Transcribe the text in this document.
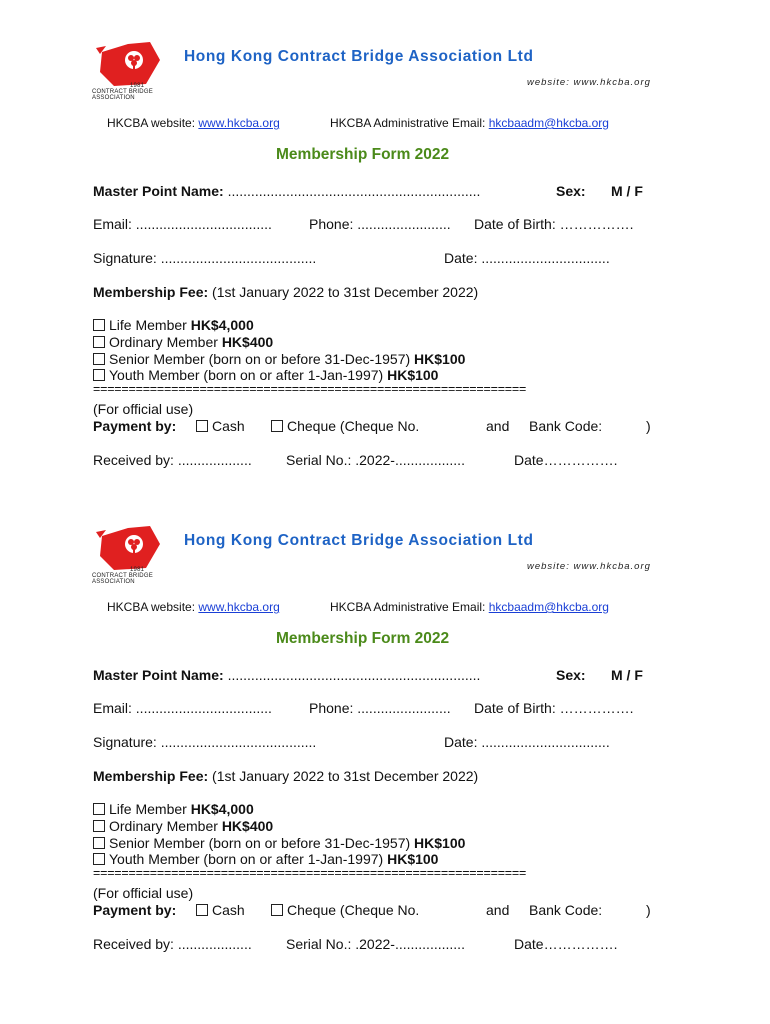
1981
CONTRACT BRIDGE ASSOCIATION
Hong Kong Contract Bridge Association Ltd
website: www.hkcba.org
HKCBA website: www.hkcba.org	HKCBA Administrative Email: hkcbaadm@hkcba.org
Membership Form 2022
Master Point Name: .................................................................	Sex: M / F
Email: ...................................	Phone: ........................ Date of Birth: …………….
Signature: ........................................	Date: .................................
Membership Fee: (1st January 2022 to 31st December 2022)
Life Member HK$4,000
Ordinary Member HK$400
Senior Member (born on or before 31-Dec-1957) HK$100
Youth Member (born on or after 1-Jan-1997) HK$100
=============================================================
(For official use)
Payment by:	Cash	Cheque (Cheque No.	and Bank Code:	)
Received by: ................... Serial No.: .2022-..................	Date…………….
1981
CONTRACT BRIDGE ASSOCIATION
Hong Kong Contract Bridge Association Ltd
website: www.hkcba.org
HKCBA website: www.hkcba.org	HKCBA Administrative Email: hkcbaadm@hkcba.org
Membership Form 2022
Master Point Name: .................................................................	Sex: M / F
Email: ...................................	Phone: ........................ Date of Birth: …………….
Signature: ........................................	Date: .................................
Membership Fee: (1st January 2022 to 31st December 2022)
Life Member HK$4,000
Ordinary Member HK$400
Senior Member (born on or before 31-Dec-1957) HK$100
Youth Member (born on or after 1-Jan-1997) HK$100
=============================================================
(For official use)
Payment by:	Cash	Cheque (Cheque No.	and Bank Code:	)
Received by: ................... Serial No.: .2022-..................	Date…………….
